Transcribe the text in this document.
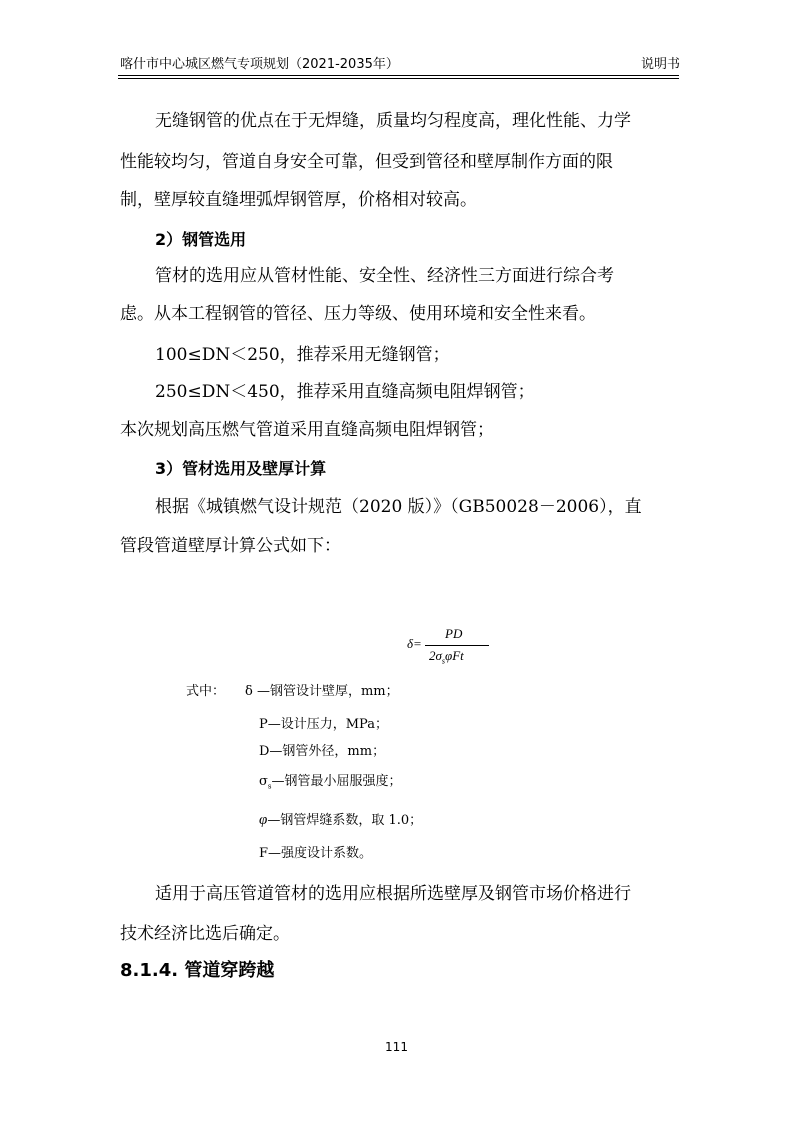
喀什市中心城区燃气专项规划（2021-2035年）	说明书
无缝钢管的优点在于无焊缝，质量均匀程度高，理化性能、力学
性能较均匀，管道自身安全可靠，但受到管径和壁厚制作方面的限
制，壁厚较直缝埋弧焊钢管厚，价格相对较高。
2）钢管选用
管材的选用应从管材性能、安全性、经济性三方面进行综合考
虑。从本工程钢管的管径、压力等级、使用环境和安全性来看。
100≤DN＜250，推荐采用无缝钢管；
250≤DN＜450，推荐采用直缝高频电阻焊钢管；
本次规划高压燃气管道采用直缝高频电阻焊钢管；
3）管材选用及壁厚计算
根据《城镇燃气设计规范（2020 版）》（GB50028－2006），直
管段管道壁厚计算公式如下：
δ=
PD
$2\sigma_s\varphi Ft$
式中： δ —钢管设计壁厚，mm；
P—设计压力，MPa；
D—钢管外径，mm；
$\sigma_s—$钢管最小屈服强度；
φ—钢管焊缝系数，取 1.0；
F—强度设计系数。
适用于高压管道管材的选用应根据所选壁厚及钢管市场价格进行
技术经济比选后确定。
8.1.4. 管道穿跨越
111
